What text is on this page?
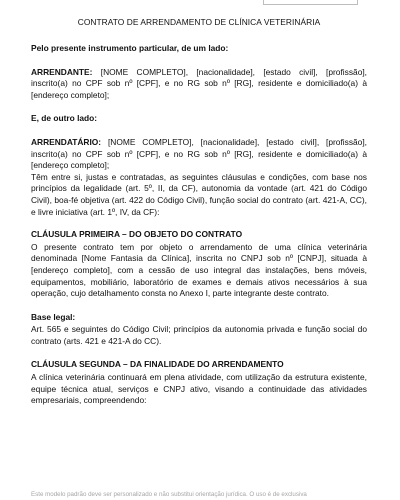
CONTRATO DE ARRENDAMENTO DE CLÍNICA VETERINÁRIA

Pelo presente instrumento particular, de um lado:

ARRENDANTE: [NOME COMPLETO], [nacionalidade], [estado civil], [profissão], inscrito(a) no CPF sob nº [CPF], e no RG sob nº [RG], residente e domiciliado(a) à [endereço completo];

E, de outro lado:

ARRENDATÁRIO: [NOME COMPLETO], [nacionalidade], [estado civil], [profissão], inscrito(a) no CPF sob nº [CPF], e no RG sob nº [RG], residente e domiciliado(a) à [endereço completo];

Têm entre si, justas e contratadas, as seguintes cláusulas e condições, com base nos princípios da legalidade (art. 5º, II, da CF), autonomia da vontade (art. 421 do Código Civil), boa-fé objetiva (art. 422 do Código Civil), função social do contrato (art. 421-A, CC), e livre iniciativa (art. 1º, IV, da CF):

CLÁUSULA PRIMEIRA – DO OBJETO DO CONTRATO

O presente contrato tem por objeto o arrendamento de uma clínica veterinária denominada [Nome Fantasia da Clínica], inscrita no CNPJ sob nº [CNPJ], situada à [endereço completo], com a cessão de uso integral das instalações, bens móveis, equipamentos, mobiliário, laboratório de exames e demais ativos necessários à sua operação, cujo detalhamento consta no Anexo I, parte integrante deste contrato.

Base legal:

Art. 565 e seguintes do Código Civil; princípios da autonomia privada e função social do contrato (arts. 421 e 421-A do CC).

CLÁUSULA SEGUNDA – DA FINALIDADE DO ARRENDAMENTO

A clínica veterinária continuará em plena atividade, com utilização da estrutura existente, equipe técnica atual, serviços e CNPJ ativo, visando a continuidade das atividades empresariais, compreendendo:

Este modelo padrão deve ser personalizado e não substitui orientação jurídica. O uso é de exclusiva
